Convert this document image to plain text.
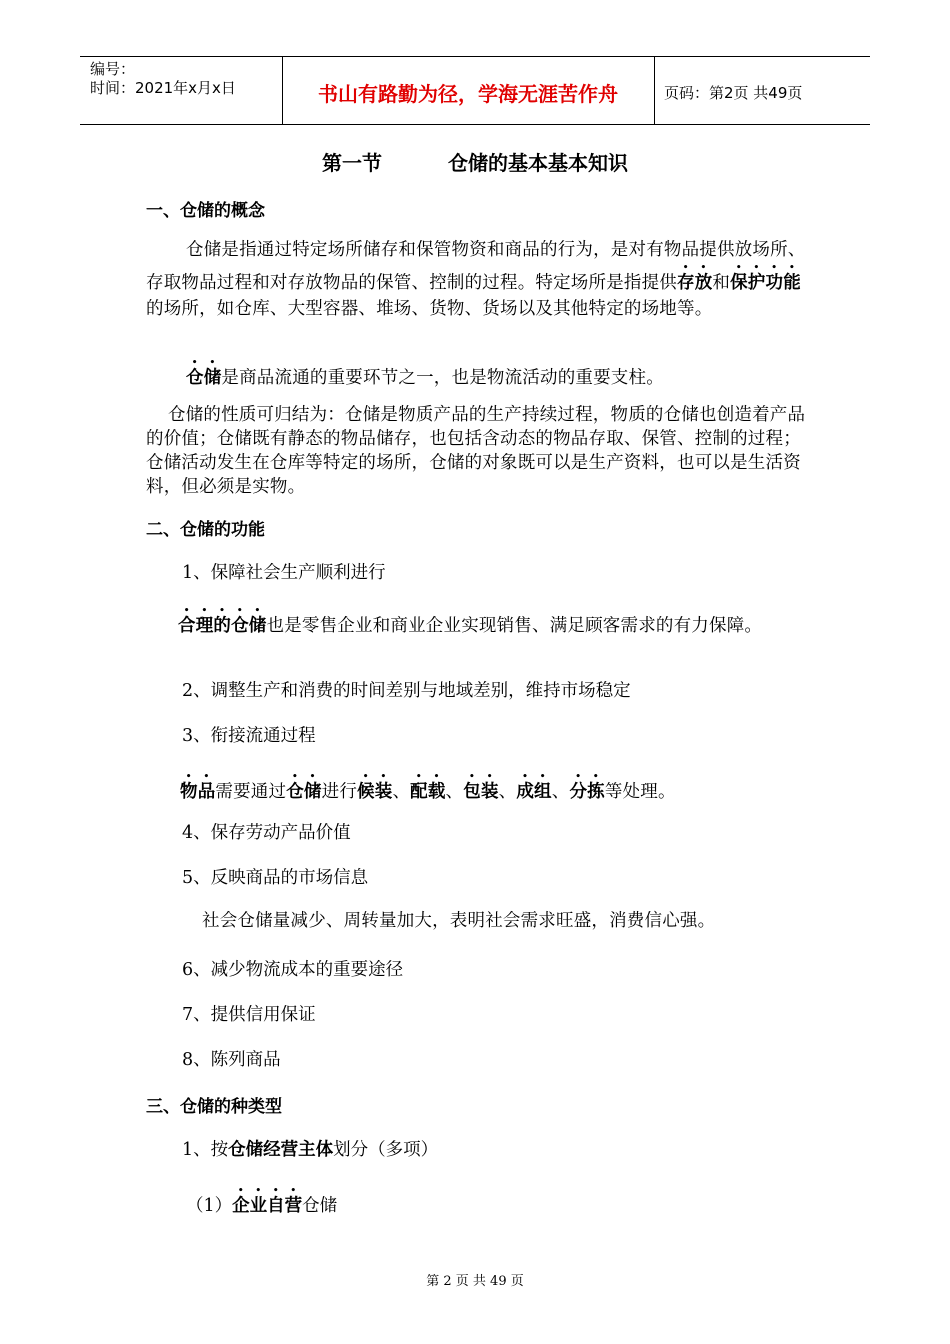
编号：
时间：2021年x月x日	书山有路勤为径，学海无涯苦作舟	页码：第2页 共49页
第一节	仓储的基本基本知识
一、仓储的概念
仓储是指通过特定场所储存和保管物资和商品的行为，是对有物品提供放场所、存取物品过程和对存放物品的保管、控制的过程。特定场所是指提供存放和保护功能的场所，如仓库、大型容器、堆场、货物、货场以及其他特定的场地等。
仓储是商品流通的重要环节之一，也是物流活动的重要支柱。
仓储的性质可归结为：仓储是物质产品的生产持续过程，物质的仓储也创造着产品的价值；仓储既有静态的物品储存，也包括含动态的物品存取、保管、控制的过程；仓储活动发生在仓库等特定的场所，仓储的对象既可以是生产资料，也可以是生活资料，但必须是实物。
二、仓储的功能
1、保障社会生产顺利进行
合理的仓储也是零售企业和商业企业实现销售、满足顾客需求的有力保障。
2、调整生产和消费的时间差别与地域差别，维持市场稳定
3、衔接流通过程
物品需要通过仓储进行候装、配载、包装、成组、分拣等处理。
4、保存劳动产品价值
5、反映商品的市场信息
社会仓储量减少、周转量加大，表明社会需求旺盛，消费信心强。
6、减少物流成本的重要途径
7、提供信用保证
8、陈列商品
三、仓储的种类型
1、按仓储经营主体划分（多项）
（1）企业自营仓储
第 2 页 共 49 页
